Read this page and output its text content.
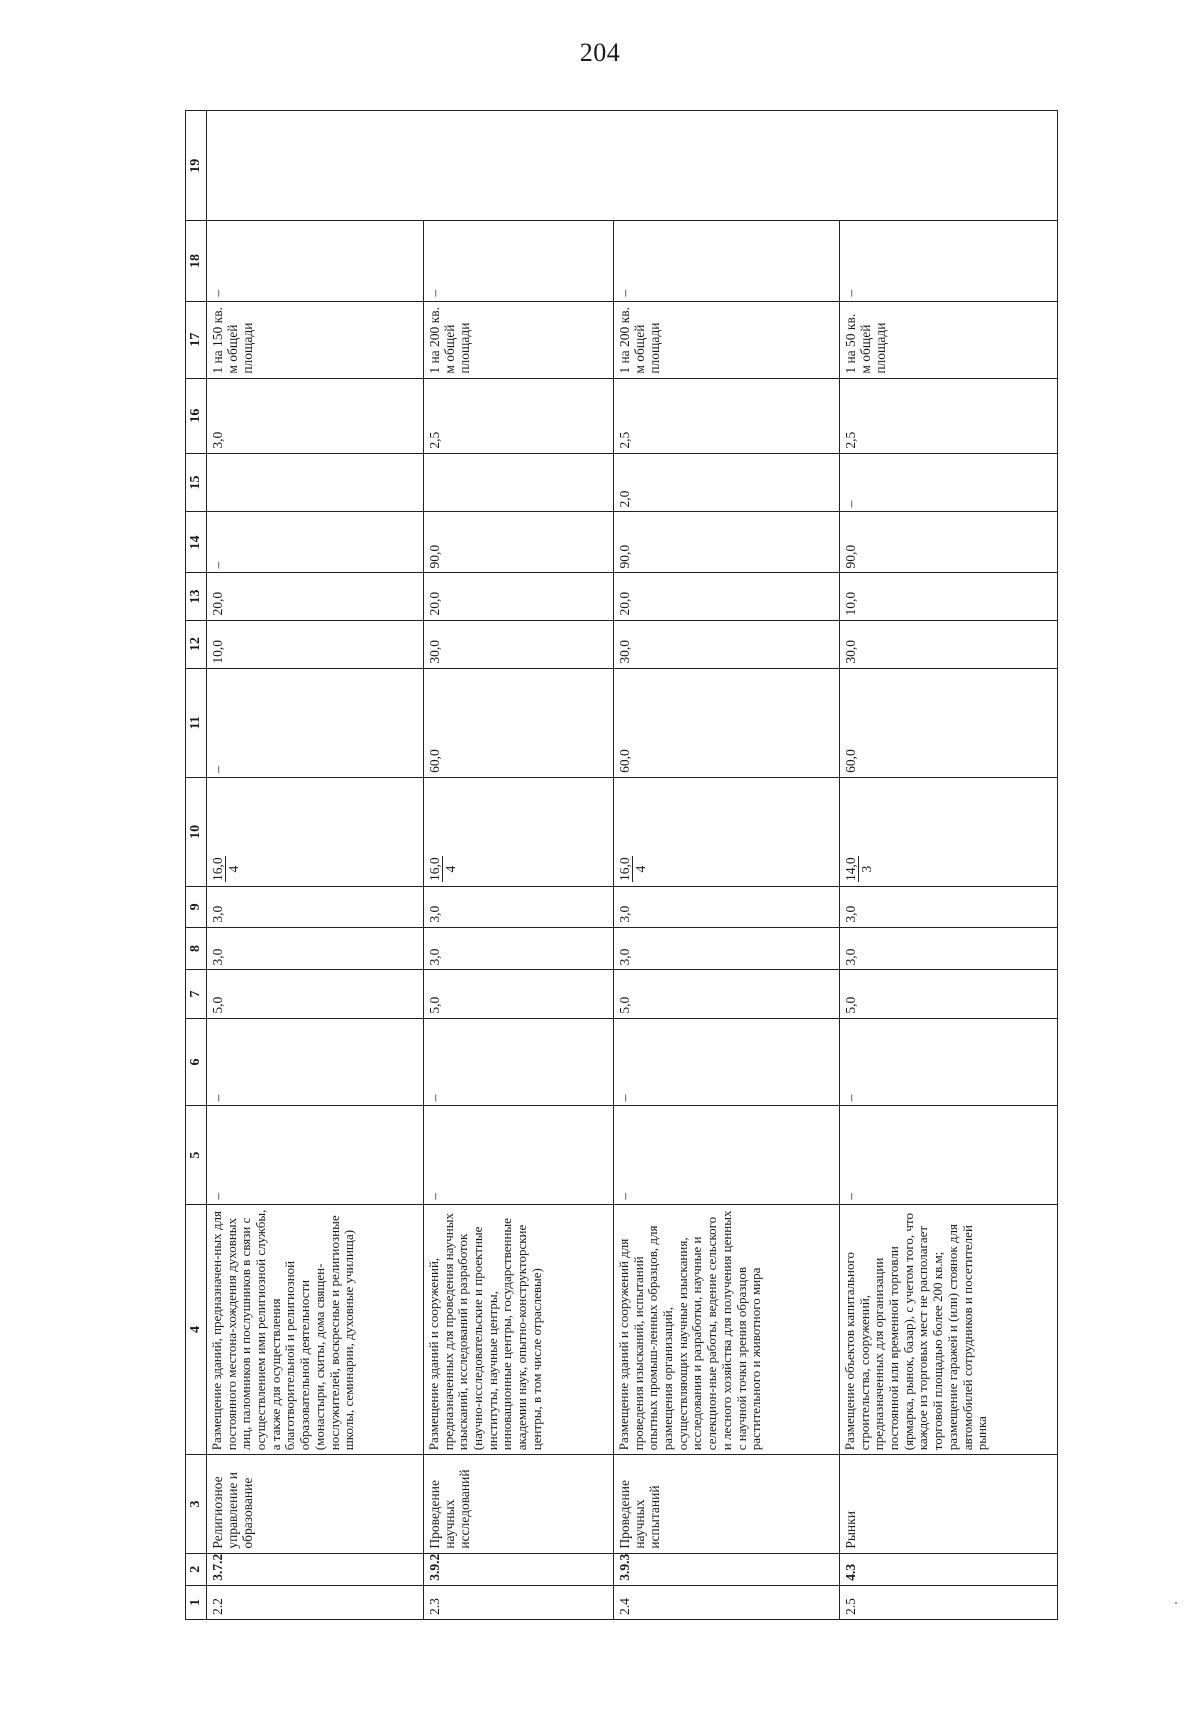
204
1	2	3	4	5	6	7	8	9	10	11	12	13	14	15	16	17	18	19
2.2	3.7.2	Религиозное управление и образование	Размещение зданий, предназначен-ных для постоянного местона-хождения духовных лиц, паломников и послушников в связи с осуществлением ими религиозной службы, а также для осуществления благотворительной и религиозной образовательной деятельности (монастыри, скиты, дома священ-нослужителей, воскресные и религиозные школы, семинарии, духовные училища)	–	–	5,0	3,0	3,0	16,0 4	–	10,0	20,0	–		3,0	1 на 150 кв. м общей площади	–	
2.3	3.9.2	Проведение научных исследований	Размещение зданий и сооружений, предназначенных для проведения научных изысканий, исследований и разработок (научно-исследовательские и проектные институты, научные центры, инновационные центры, государственные академии наук, опытно-конструкторские центры, в том числе отраслевые)	–	–	5,0	3,0	3,0	16,0 4	60,0	30,0	20,0	90,0		2,5	1 на 200 кв. м общей площади	–	
2.4	3.9.3	Проведение научных испытаний	Размещение зданий и сооружений для проведения изысканий, испытаний опытных промыш-ленных образцов, для размещения организаций, осуществляющих научные изыскания, исследования и разработки, научные и селекцион-ные работы, ведение сельского и лесного хозяйства для получения ценных с научной точки зрения образцов растительного и животного мира	–	–	5,0	3,0	3,0	16,0 4	60,0	30,0	20,0	90,0	2,0	2,5	1 на 200 кв. м общей площади	–	
2.5	4.3	Рынки	Размещение объектов капитального строительства, сооружений, предназначенных для организации постоянной или временной торговли (ярмарка, рынок, базар), с учетом того, что каждое из торговых мест не располагает торговой площадью более 200 кв.м; размещение гаражей и (или) стоянок для автомобилей сотрудников и посетителей рынка	–	–	5,0	3,0	3,0	14,0 3	60,0	30,0	10,0	90,0	–	2,5	1 на 50 кв. м общей площади	–	
